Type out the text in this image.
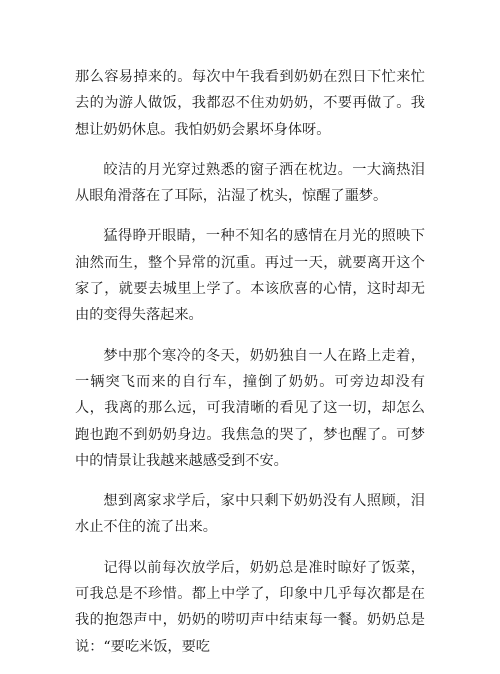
那么容易掉来的。每次中午我看到奶奶在烈日下忙来忙去的为游人做饭，我都忍不住劝奶奶，不要再做了。我想让奶奶休息。我怕奶奶会累坏身体呀。

皎洁的月光穿过熟悉的窗子洒在枕边。一大滴热泪从眼角滑落在了耳际，沾湿了枕头，惊醒了噩梦。

猛得睁开眼睛，一种不知名的感情在月光的照映下油然而生，整个异常的沉重。再过一天，就要离开这个家了，就要去城里上学了。本该欣喜的心情，这时却无由的变得失落起来。

梦中那个寒冷的冬天，奶奶独自一人在路上走着，一辆突飞而来的自行车，撞倒了奶奶。可旁边却没有人，我离的那么远，可我清晰的看见了这一切，却怎么跑也跑不到奶奶身边。我焦急的哭了，梦也醒了。可梦中的情景让我越来越感受到不安。

想到离家求学后，家中只剩下奶奶没有人照顾，泪水止不住的流了出来。

记得以前每次放学后，奶奶总是准时晾好了饭菜，可我总是不珍惜。都上中学了，印象中几乎每次都是在我的抱怨声中，奶奶的唠叨声中结束每一餐。奶奶总是说：“要吃米饭，要吃
